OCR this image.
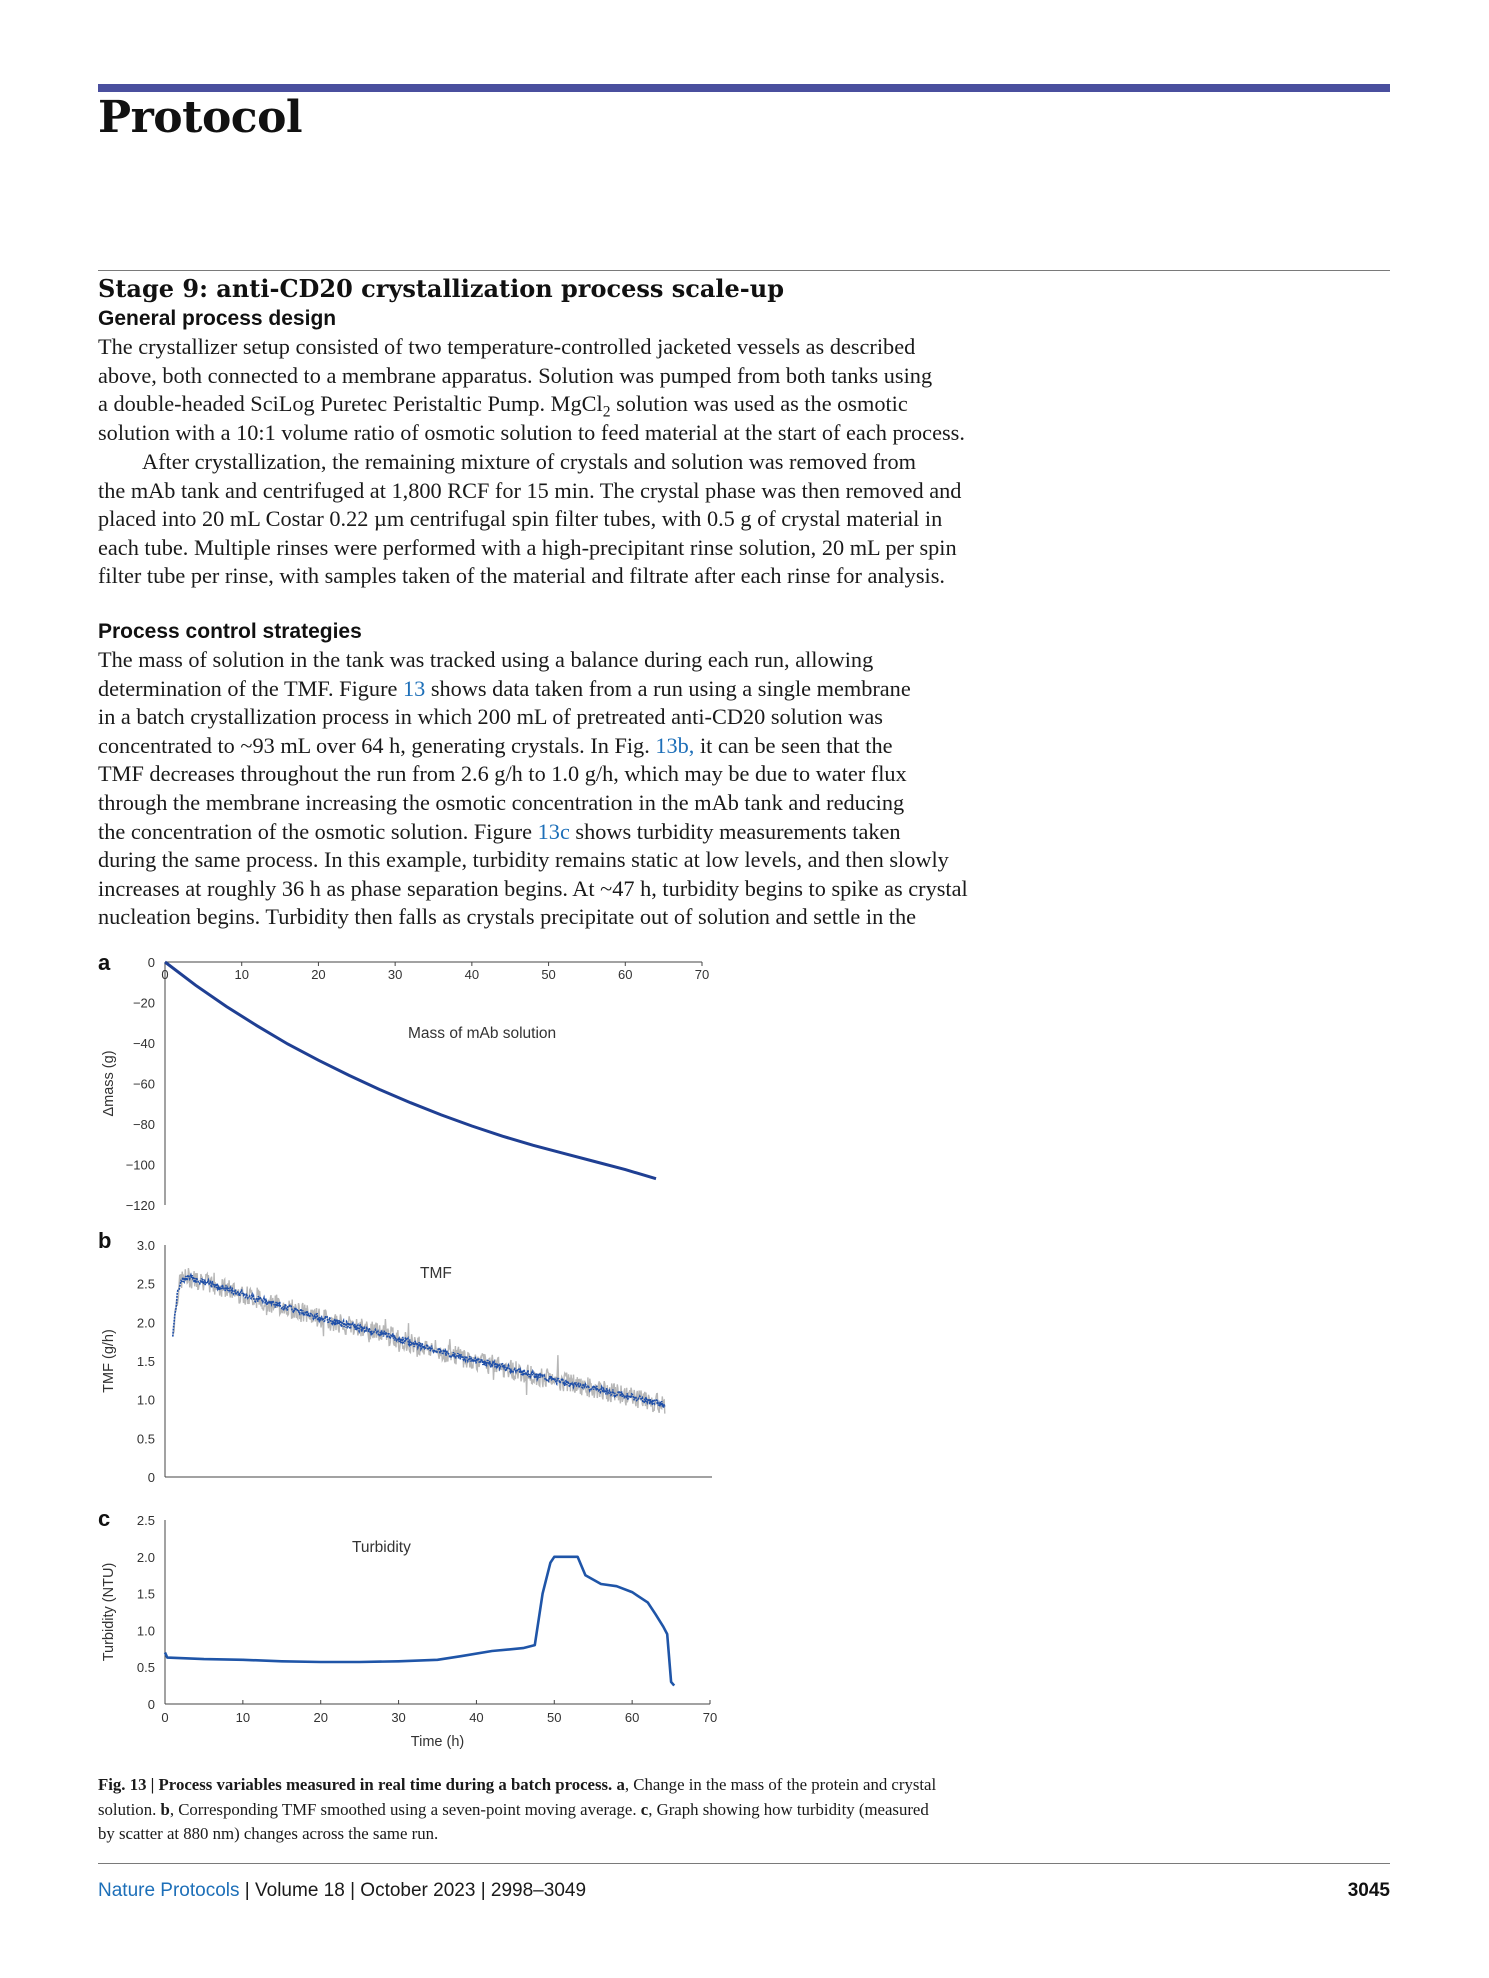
Protocol
Stage 9: anti-CD20 crystallization process scale-up
General process design
The crystallizer setup consisted of two temperature-controlled jacketed vessels as described
above, both connected to a membrane apparatus. Solution was pumped from both tanks using
a double-headed SciLog Puretec Peristaltic Pump. MgCl$_2$ solution was used as the osmotic
solution with a 10:1 volume ratio of osmotic solution to feed material at the start of each process.
After crystallization, the remaining mixture of crystals and solution was removed from
the mAb tank and centrifuged at 1,800 RCF for 15 min. The crystal phase was then removed and
placed into 20 mL Costar 0.22 µm centrifugal spin filter tubes, with 0.5 g of crystal material in
each tube. Multiple rinses were performed with a high-precipitant rinse solution, 20 mL per spin
filter tube per rinse, with samples taken of the material and filtrate after each rinse for analysis.
Process control strategies
The mass of solution in the tank was tracked using a balance during each run, allowing
determination of the TMF. Figure 13 shows data taken from a run using a single membrane
in a batch crystallization process in which 200 mL of pretreated anti-CD20 solution was
concentrated to ~93 mL over 64 h, generating crystals. In Fig. 13b, it can be seen that the
TMF decreases throughout the run from 2.6 g/h to 1.0 g/h, which may be due to water flux
through the membrane increasing the osmotic concentration in the mAb tank and reducing
the concentration of the osmotic solution. Figure 13c shows turbidity measurements taken
during the same process. In this example, turbidity remains static at low levels, and then slowly
increases at roughly 36 h as phase separation begins. At ~47 h, turbidity begins to spike as crystal
nucleation begins. Turbidity then falls as crystals precipitate out of solution and settle in the
a
b
c
0
−20
−40
−60
−80
−100
−120
0	10	20	30	40	50	60	70
Δmass (g)
Mass of mAb solution
0
0.5
1.0
1.5
2.0
2.5
3.0
TMF (g/h)
TMF
0
0.5
1.0
1.5
2.0
2.5
0	10	20	30	40	50	60	70
Turbidity (NTU)
Time (h)
Turbidity
Fig. 13 | Process variables measured in real time during a batch process. a, Change in the mass of the protein and crystal
solution. b, Corresponding TMF smoothed using a seven-point moving average. c, Graph showing how turbidity (measured
by scatter at 880 nm) changes across the same run.
Nature Protocols | Volume 18 | October 2023 | 2998–3049	3045
